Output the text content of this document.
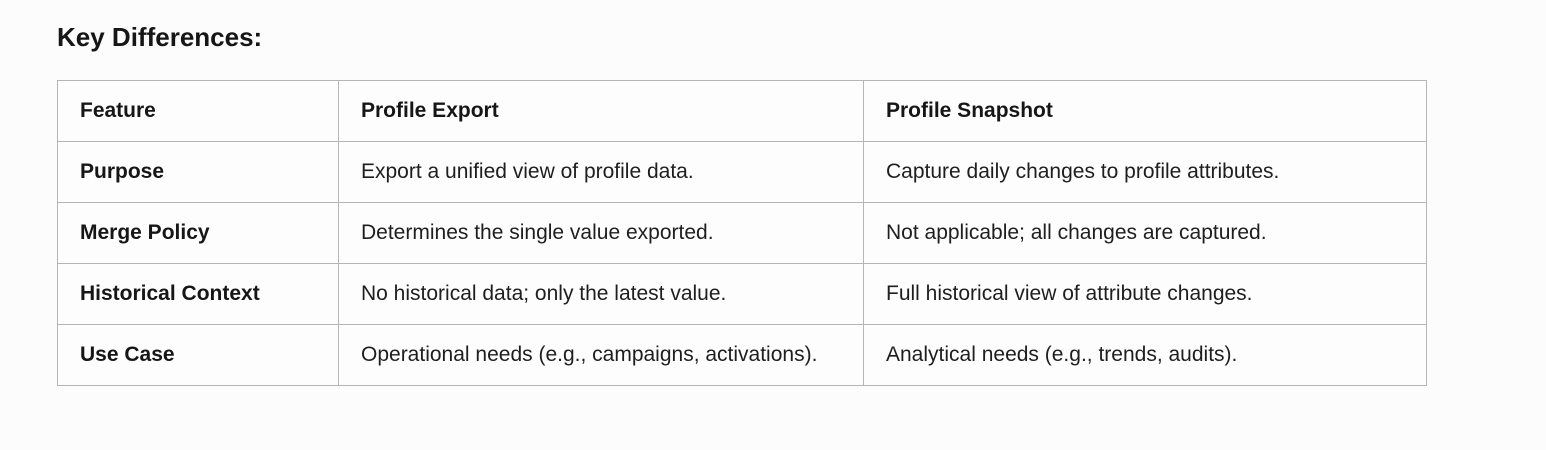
Key Differences:
Feature	Profile Export	Profile Snapshot
Purpose	Export a unified view of profile data.	Capture daily changes to profile attributes.
Merge Policy	Determines the single value exported.	Not applicable; all changes are captured.
Historical Context	No historical data; only the latest value.	Full historical view of attribute changes.
Use Case	Operational needs (e.g., campaigns, activations).	Analytical needs (e.g., trends, audits).
